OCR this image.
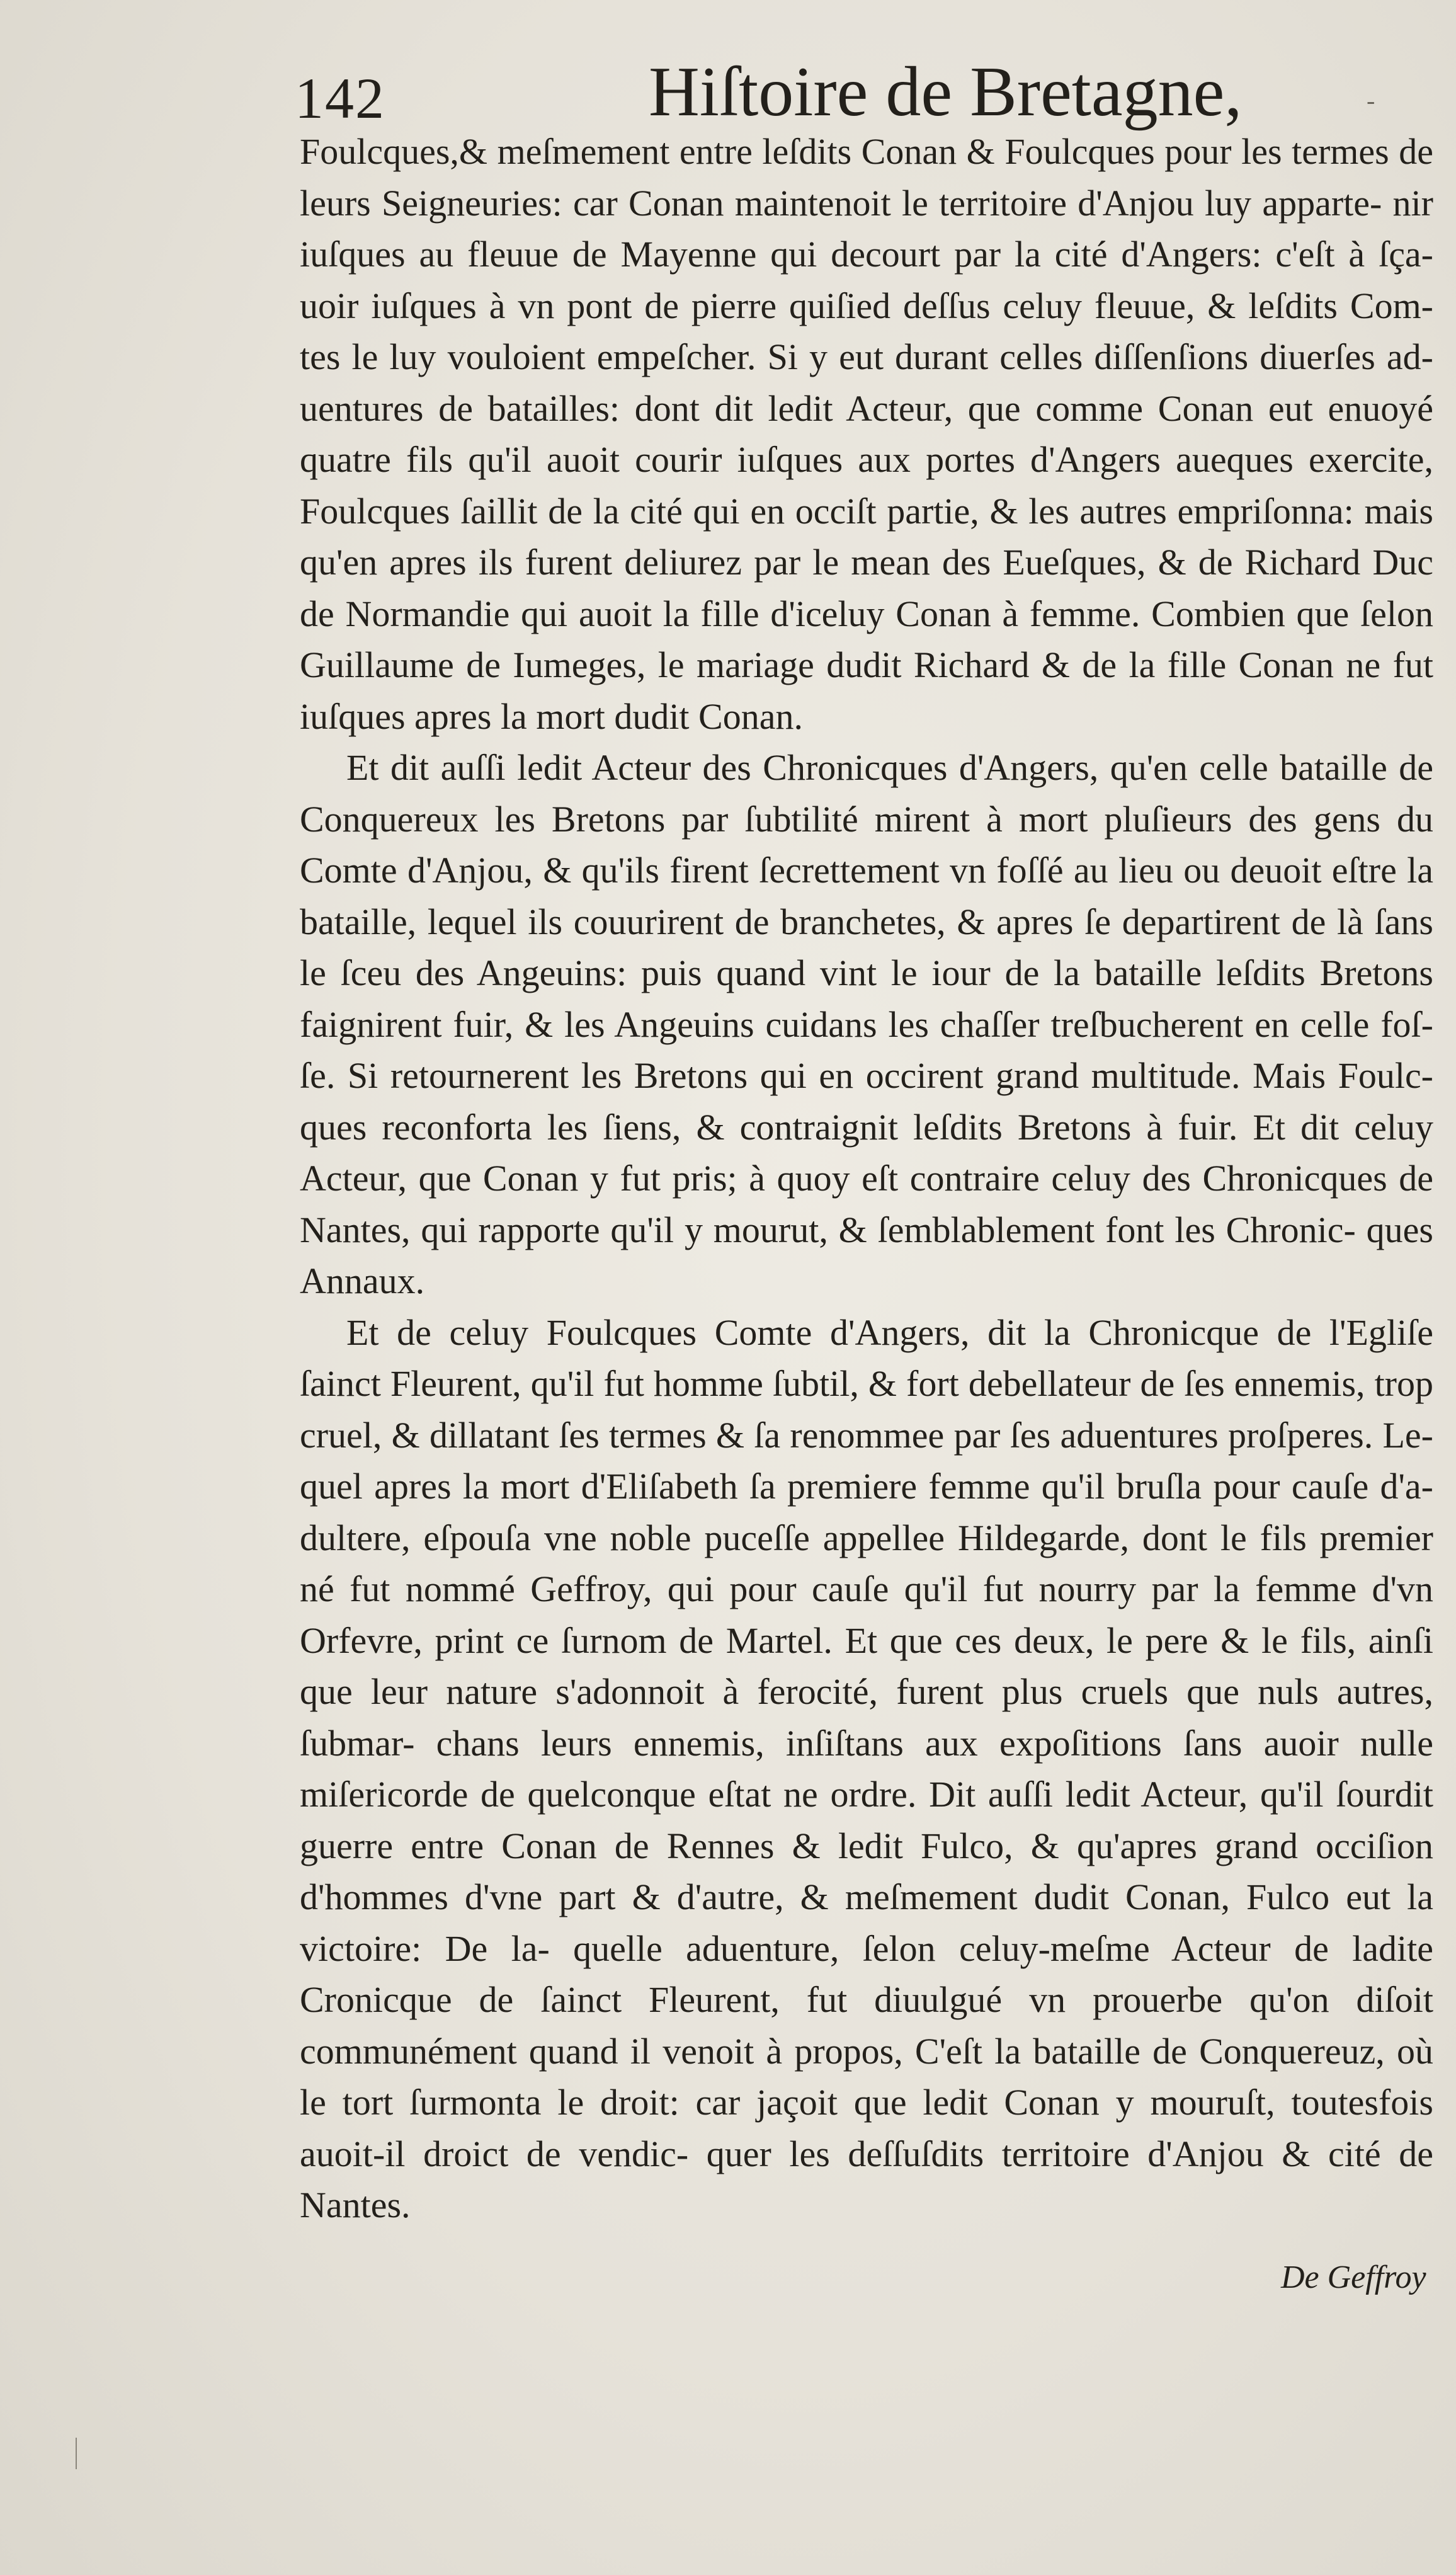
142	Hiſtoire de Bretagne,	-

Foulcques,& meſmement entre leſdits Conan & Foulcques pour les termes de leurs Seigneuries: car Conan maintenoit le territoire d'Anjou luy apparte- nir iuſques au fleuue de Mayenne qui decourt par la cité d'Angers: c'eſt à ſça- uoir iuſques à vn pont de pierre quiſied deſſus celuy fleuue, & leſdits Com- tes le luy vouloient empeſcher. Si y eut durant celles diſſenſions diuerſes ad- uentures de batailles: dont dit ledit Acteur, que comme Conan eut enuoyé quatre fils qu'il auoit courir iuſques aux portes d'Angers aueques exercite, Foulcques ſaillit de la cité qui en occiſt partie, & les autres empriſonna: mais qu'en apres ils furent deliurez par le mean des Eueſques, & de Richard Duc de Normandie qui auoit la fille d'iceluy Conan à femme. Combien que ſelon Guillaume de Iumeges, le mariage dudit Richard & de la fille Conan ne fut iuſques apres la mort dudit Conan.

Et dit auſſi ledit Acteur des Chronicques d'Angers, qu'en celle bataille de Conquereux les Bretons par ſubtilité mirent à mort pluſieurs des gens du Comte d'Anjou, & qu'ils firent ſecrettement vn foſſé au lieu ou deuoit eſtre la bataille, lequel ils couurirent de branchetes, & apres ſe departirent de là ſans le ſceu des Angeuins: puis quand vint le iour de la bataille leſdits Bretons faignirent fuir, & les Angeuins cuidans les chaſſer treſbucherent en celle foſ- ſe. Si retournerent les Bretons qui en occirent grand multitude. Mais Foulc- ques reconforta les ſiens, & contraignit leſdits Bretons à fuir. Et dit celuy Acteur, que Conan y fut pris; à quoy eſt contraire celuy des Chronicques de Nantes, qui rapporte qu'il y mourut, & ſemblablement font les Chronic- ques Annaux.

Et de celuy Foulcques Comte d'Angers, dit la Chronicque de l'Egliſe ſainct Fleurent, qu'il fut homme ſubtil, & fort debellateur de ſes ennemis, trop cruel, & dillatant ſes termes & ſa renommee par ſes aduentures proſperes. Le- quel apres la mort d'Eliſabeth ſa premiere femme qu'il bruſla pour cauſe d'a- dultere, eſpouſa vne noble puceſſe appellee Hildegarde, dont le fils premier né fut nommé Geffroy, qui pour cauſe qu'il fut nourry par la femme d'vn Orfevre, print ce ſurnom de Martel. Et que ces deux, le pere & le fils, ainſi que leur nature s'adonnoit à ferocité, furent plus cruels que nuls autres, ſubmar- chans leurs ennemis, inſiſtans aux expoſitions ſans auoir nulle miſericorde de quelconque eſtat ne ordre. Dit auſſi ledit Acteur, qu'il ſourdit guerre entre Conan de Rennes & ledit Fulco, & qu'apres grand occiſion d'hommes d'vne part & d'autre, & meſmement dudit Conan, Fulco eut la victoire: De la- quelle aduenture, ſelon celuy-meſme Acteur de ladite Cronicque de ſainct Fleurent, fut diuulgué vn prouerbe qu'on diſoit communément quand il venoit à propos, C'eſt la bataille de Conquereuz, où le tort ſurmonta le droit: car jaçoit que ledit Conan y mouruſt, toutesfois auoit-il droict de vendic- quer les deſſuſdits territoire d'Anjou & cité de Nantes.

De Geffroy
